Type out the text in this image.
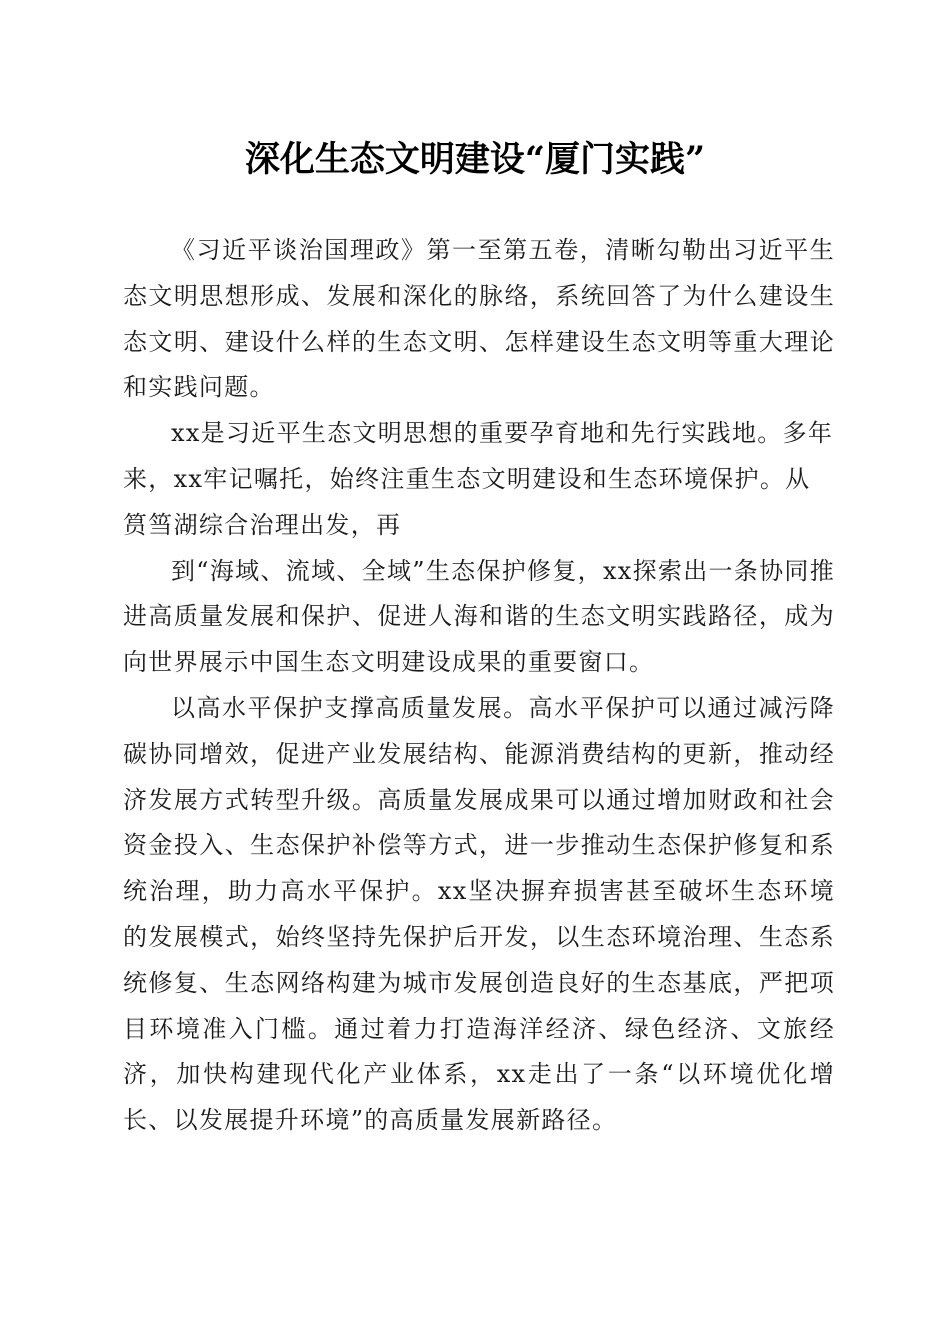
深化生态文明建设“厦门实践”

《习近平谈治国理政》第一至第五卷，清晰勾勒出习近平生态文明思想形成、发展和深化的脉络，系统回答了为什么建设生态文明、建设什么样的生态文明、怎样建设生态文明等重大理论和实践问题。

xx是习近平生态文明思想的重要孕育地和先行实践地。多年来，xx牢记嘱托，始终注重生态文明建设和生态环境保护。从筼筜湖综合治理出发，再

到“海域、流域、全域”生态保护修复，xx探索出一条协同推进高质量发展和保护、促进人海和谐的生态文明实践路径，成为向世界展示中国生态文明建设成果的重要窗口。

以高水平保护支撑高质量发展。高水平保护可以通过减污降碳协同增效，促进产业发展结构、能源消费结构的更新，推动经济发展方式转型升级。高质量发展成果可以通过增加财政和社会资金投入、生态保护补偿等方式，进一步推动生态保护修复和系统治理，助力高水平保护。xx坚决摒弃损害甚至破坏生态环境的发展模式，始终坚持先保护后开发，以生态环境治理、生态系统修复、生态网络构建为城市发展创造良好的生态基底，严把项目环境准入门槛。通过着力打造海洋经济、绿色经济、文旅经济，加快构建现代化产业体系，xx走出了一条“以环境优化增长、以发展提升环境”的高质量发展新路径。
